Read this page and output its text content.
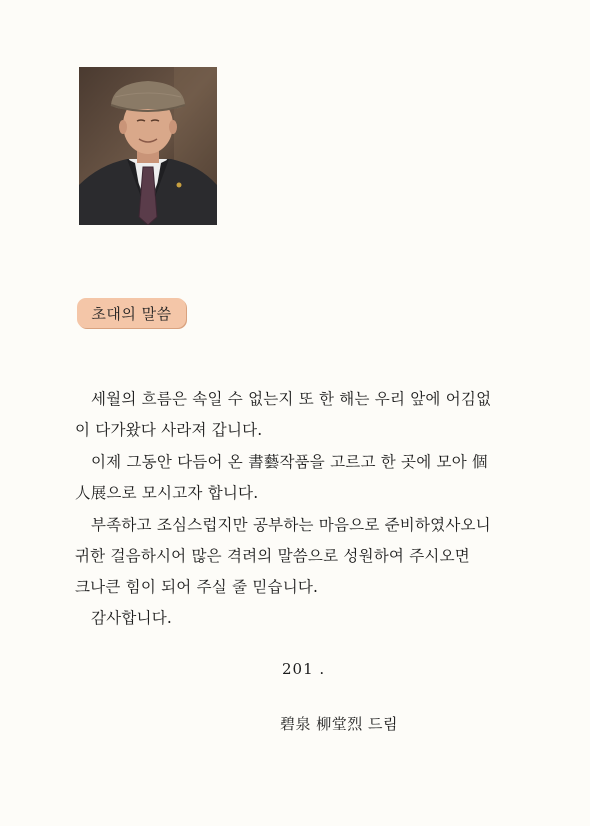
초대의 말씀
세월의 흐름은 속일 수 없는지 또 한 해는 우리 앞에 어김없
이 다가왔다 사라져 갑니다.
이제 그동안 다듬어 온 書藝작품을 고르고 한 곳에 모아 個
人展으로 모시고자 합니다.
부족하고 조심스럽지만 공부하는 마음으로 준비하였사오니
귀한 걸음하시어 많은 격려의 말씀으로 성원하여 주시오면
크나큰 힘이 되어 주실 줄 믿습니다.
감사합니다.
201 .
碧泉 柳堂烈 드림
